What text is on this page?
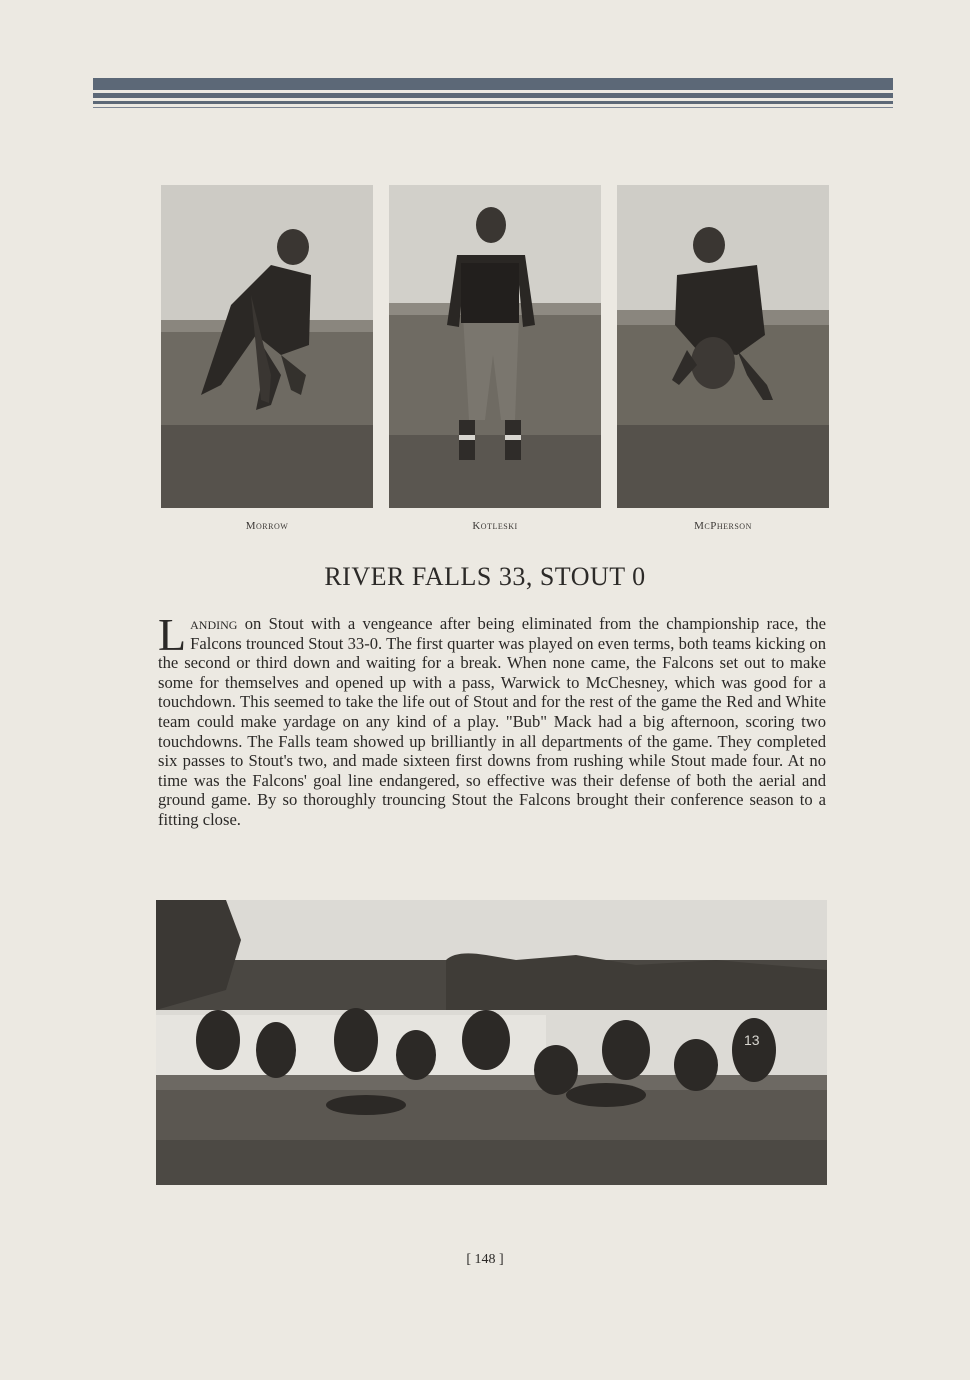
Morrow	Kotleski	McPherson
RIVER FALLS 33, STOUT 0
Landing on Stout with a vengeance after being eliminated from the championship race, the Falcons trounced Stout 33-0. The first quarter was played on even terms, both teams kicking on the second or third down and waiting for a break. When none came, the Falcons set out to make some for themselves and opened up with a pass, Warwick to McChesney, which was good for a touchdown. This seemed to take the life out of Stout and for the rest of the game the Red and White team could make yardage on any kind of a play. "Bub" Mack had a big afternoon, scoring two touchdowns. The Falls team showed up brilliantly in all departments of the game. They completed six passes to Stout's two, and made sixteen first downs from rushing while Stout made four. At no time was the Falcons' goal line endangered, so effective was their defense of both the aerial and ground game. By so thoroughly trouncing Stout the Falcons brought their conference season to a fitting close.
13
[ 148 ]
